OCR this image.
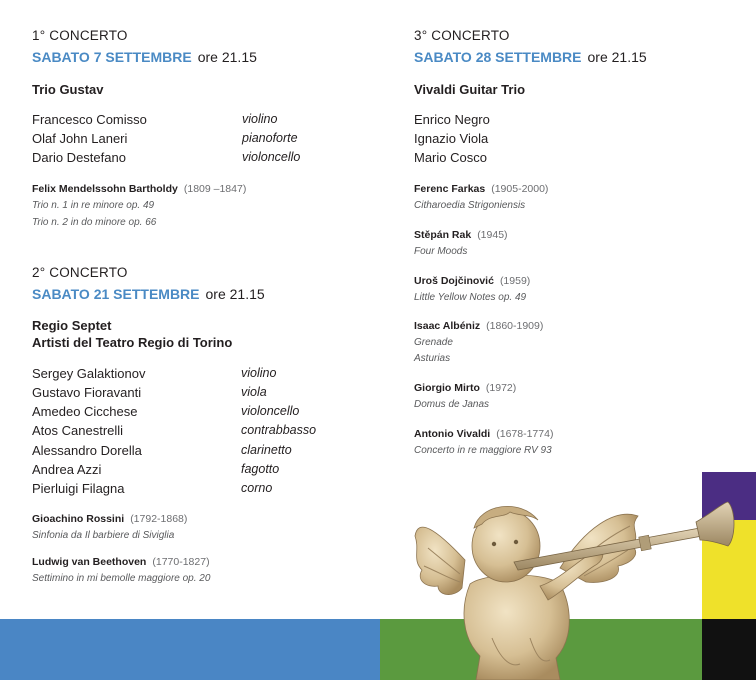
1° CONCERTO
SABATO 7 SETTEMBRE ore 21.15
Trio Gustav
Francesco Comisso	violino
Olaf John Laneri	pianoforte
Dario Destefano	violoncello
Felix Mendelssohn Bartholdy (1809 –1847)
Trio n. 1 in re minore op. 49
Trio n. 2 in do minore op. 66
2° CONCERTO
SABATO 21 SETTEMBRE ore 21.15
Regio Septet
Artisti del Teatro Regio di Torino
Sergey Galaktionov	violino
Gustavo Fioravanti	viola
Amedeo Cicchese	violoncello
Atos Canestrelli	contrabbasso
Alessandro Dorella	clarinetto
Andrea Azzi	fagotto
Pierluigi Filagna	corno
Gioachino Rossini (1792-1868)
Sinfonia da Il barbiere di Siviglia
Ludwig van Beethoven (1770-1827)
Settimino in mi bemolle maggiore op. 20
3° CONCERTO
SABATO 28 SETTEMBRE ore 21.15
Vivaldi Guitar Trio
Enrico Negro
Ignazio Viola
Mario Cosco
Ferenc Farkas (1905-2000)
Citharoedia Strigoniensis
Stěpán Rak (1945)
Four Moods
Uroš Dojčinović (1959)
Little Yellow Notes op. 49
Isaac Albéniz (1860-1909)
Grenade
Asturias
Giorgio Mirto (1972)
Domus de Janas
Antonio Vivaldi (1678-1774)
Concerto in re maggiore RV 93
